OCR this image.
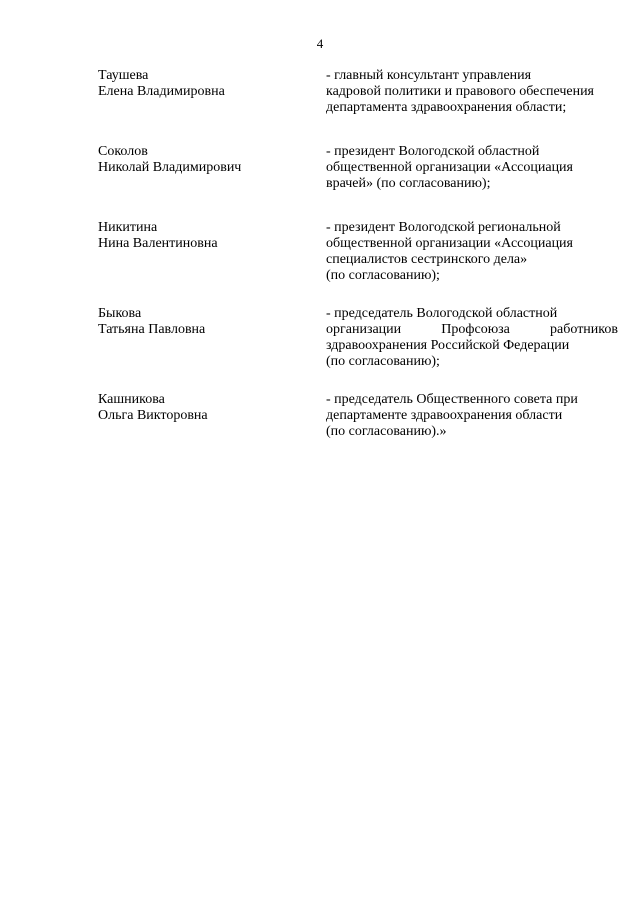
4
Таушева
Елена Владимировна
- главный консультант управления
кадровой политики и правового обеспечения
департамента здравоохранения области;
Соколов
Николай Владимирович
- президент Вологодской областной
общественной организации «Ассоциация
врачей» (по согласованию);
Никитина
Нина Валентиновна
- президент Вологодской региональной
общественной организации «Ассоциация
специалистов сестринского дела»
(по согласованию);
Быкова
Татьяна Павловна
- председатель Вологодской областной
организации Профсоюза работников
здравоохранения Российской Федерации
(по согласованию);
Кашникова
Ольга Викторовна
- председатель Общественного совета при
департаменте здравоохранения области
(по согласованию).»
